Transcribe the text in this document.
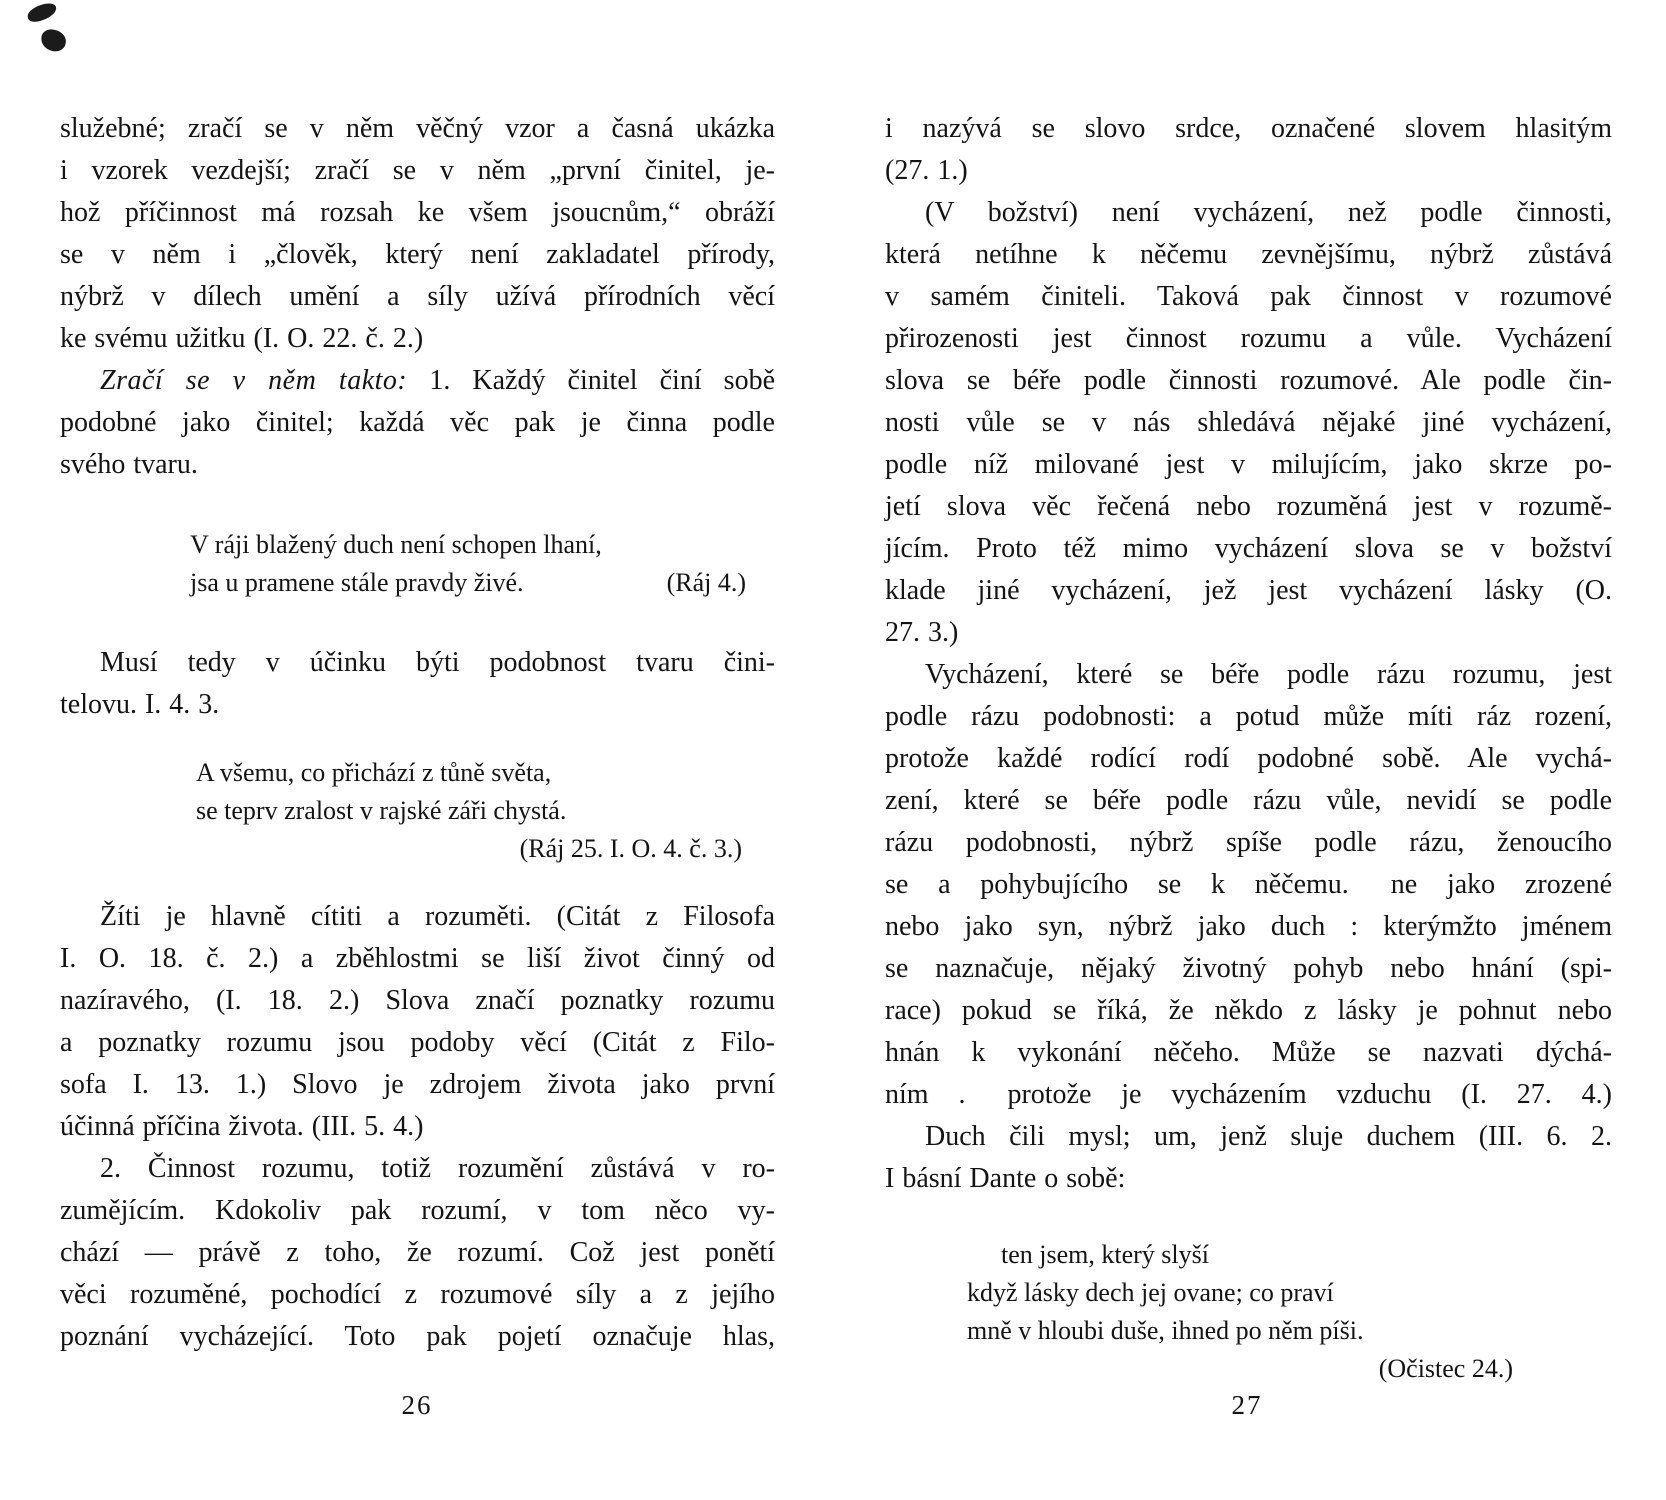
služebné; zračí se v něm věčný vzor a časná ukázka
i vzorek vezdejší; zračí se v něm „první činitel, je-
hož příčinnost má rozsah ke všem jsoucnům,“ obráží
se v něm i „člověk, který není zakladatel přírody,
nýbrž v dílech umění a síly užívá přírodních věcí
ke svému užitku (I. O. 22. č. 2.)
Zračí se v něm takto: 1. Každý činitel činí sobě
podobné jako činitel; každá věc pak je činna podle
svého tvaru.
V ráji blažený duch není schopen lhaní,
jsa u pramene stále pravdy živé.	(Ráj 4.)
Musí tedy v účinku býti podobnost tvaru čini-
telovu. I. 4. 3.
A všemu, co přichází z tůně světa,
se teprv zralost v rajské záři chystá.
(Ráj 25. I. O. 4. č. 3.)
Žíti je hlavně cítiti a rozuměti. (Citát z Filosofa
I. O. 18. č. 2.) a zběhlostmi se liší život činný od
nazíravého, (I. 18. 2.) Slova značí poznatky rozumu
a poznatky rozumu jsou podoby věcí (Citát z Filo-
sofa I. 13. 1.) Slovo je zdrojem života jako první
účinná příčina života. (III. 5. 4.)
2. Činnost rozumu, totiž rozumění zůstává v ro-
zumějícím. Kdokoliv pak rozumí, v tom něco vy-
chází — právě z toho, že rozumí. Což jest ponětí
věci rozuměné, pochodící z rozumové síly a z jejího
poznání vycházející. Toto pak pojetí označuje hlas,
i nazývá se slovo srdce, označené slovem hlasitým
(27. 1.)
(V božství) není vycházení, než podle činnosti,
která netíhne k něčemu zevnějšímu, nýbrž zůstává
v samém činiteli. Taková pak činnost v rozumové
přirozenosti jest činnost rozumu a vůle. Vycházení
slova se béře podle činnosti rozumové. Ale podle čin-
nosti vůle se v nás shledává nějaké jiné vycházení,
podle níž milované jest v milujícím, jako skrze po-
jetí slova věc řečená nebo rozuměná jest v rozumě-
jícím. Proto též mimo vycházení slova se v božství
klade jiné vycházení, jež jest vycházení lásky (O.
27. 3.)
Vycházení, které se béře podle rázu rozumu, jest
podle rázu podobnosti: a potud může míti ráz rození,
protože každé rodící rodí podobné sobě. Ale vychá-
zení, které se béře podle rázu vůle, nevidí se podle
rázu podobnosti, nýbrž spíše podle rázu, ženoucího
se a pohybujícího se k něčemu.  ne jako zrozené
nebo jako syn, nýbrž jako duch : kterýmžto jménem
se naznačuje, nějaký životný pohyb nebo hnání (spi-
race) pokud se říká, že někdo z lásky je pohnut nebo
hnán k vykonání něčeho. Může se nazvati dýchá-
ním .  protože je vycházením vzduchu (I. 27. 4.)
Duch čili mysl; um, jenž sluje duchem (III. 6. 2.
I básní Dante o sobě:
ten jsem, který slyší
když lásky dech jej ovane; co praví
mně v hloubi duše, ihned po něm píši.
(Očistec 24.)
26	27
